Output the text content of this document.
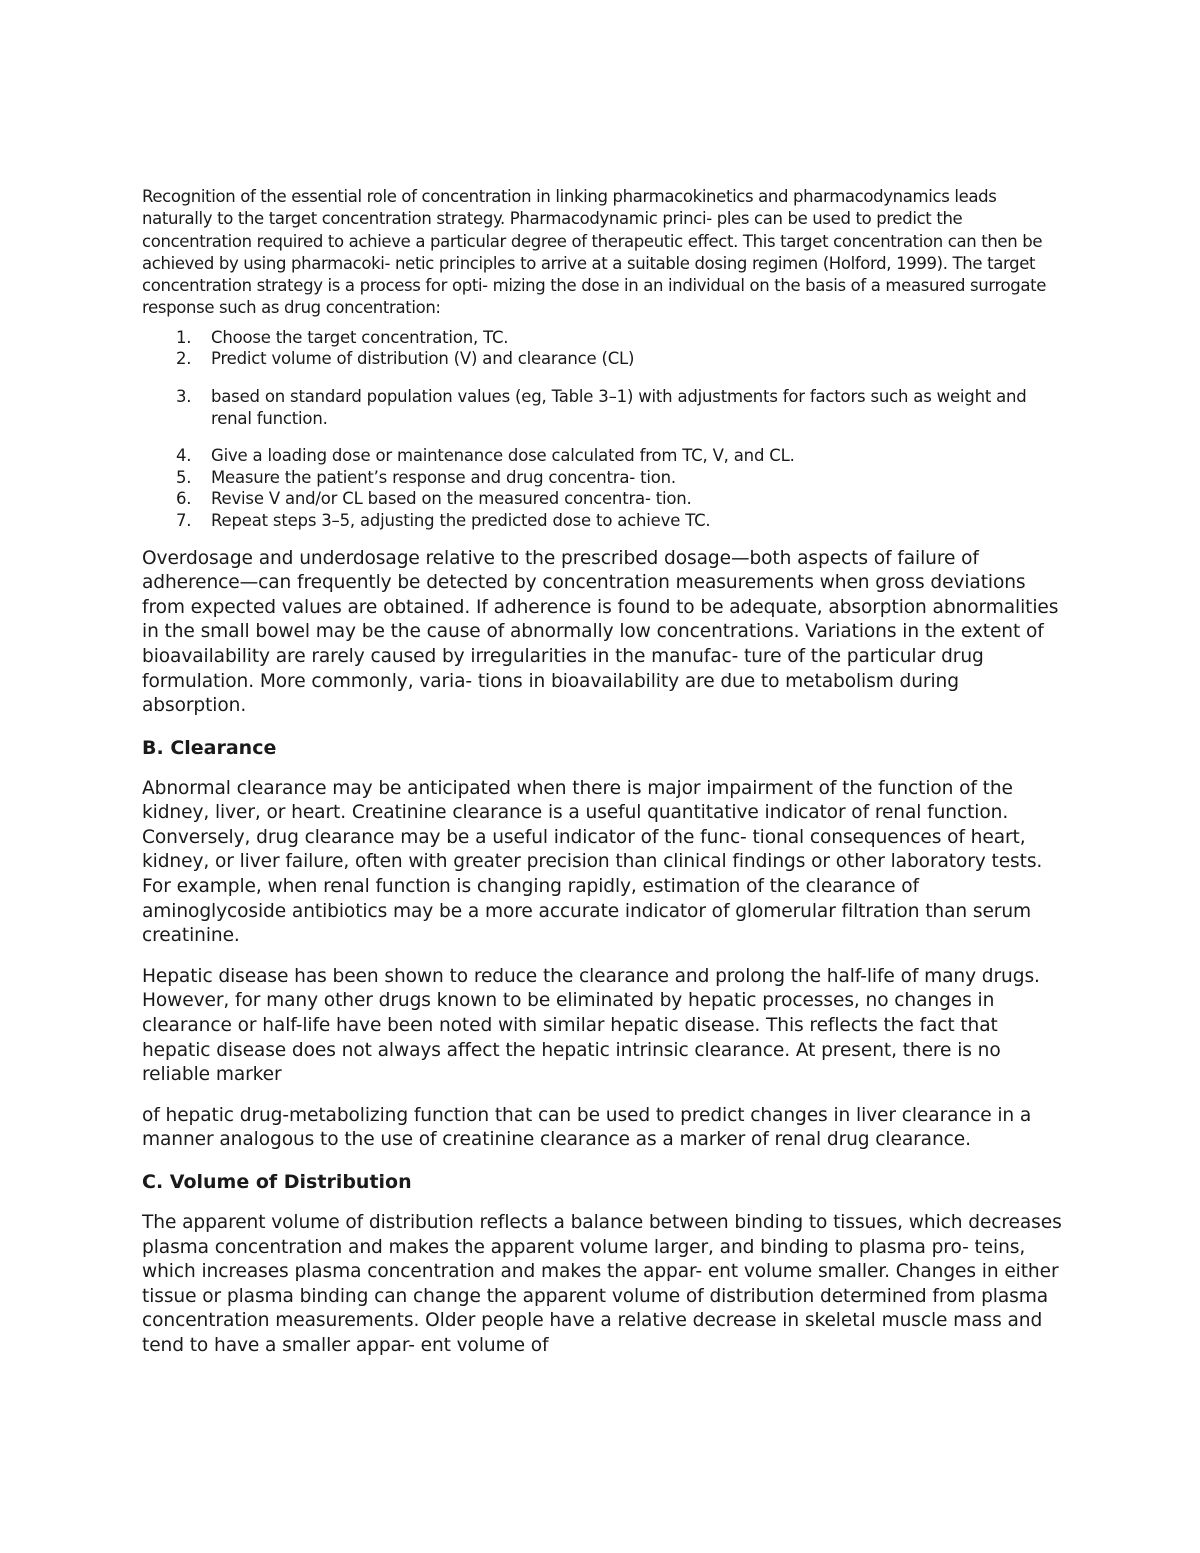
Recognition of the essential role of concentration in linking pharmacokinetics and pharmacodynamics leads naturally to the target concentration strategy. Pharmacodynamic princi- ples can be used to predict the concentration required to achieve a particular degree of therapeutic effect. This target concentration can then be achieved by using pharmacoki- netic principles to arrive at a suitable dosing regimen (Holford, 1999). The target concentration strategy is a process for opti- mizing the dose in an individual on the basis of a measured surrogate response such as drug concentration:

1. Choose the target concentration, TC.
2. Predict volume of distribution (V) and clearance (CL)
3. based on standard population values (eg, Table 3–1) with adjustments for factors such as weight and renal function.
4. Give a loading dose or maintenance dose calculated from TC, V, and CL.
5. Measure the patient’s response and drug concentra- tion.
6. Revise V and/or CL based on the measured concentra- tion.
7. Repeat steps 3–5, adjusting the predicted dose to achieve TC.

Overdosage and underdosage relative to the prescribed dosage—both aspects of failure of adherence—can frequently be detected by concentration measurements when gross deviations from expected values are obtained. If adherence is found to be adequate, absorption abnormalities in the small bowel may be the cause of abnormally low concentrations. Variations in the extent of bioavailability are rarely caused by irregularities in the manufac- ture of the particular drug formulation. More commonly, varia- tions in bioavailability are due to metabolism during absorption.

B. Clearance

Abnormal clearance may be anticipated when there is major impairment of the function of the kidney, liver, or heart. Creatinine clearance is a useful quantitative indicator of renal function. Conversely, drug clearance may be a useful indicator of the func- tional consequences of heart, kidney, or liver failure, often with greater precision than clinical findings or other laboratory tests. For example, when renal function is changing rapidly, estimation of the clearance of aminoglycoside antibiotics may be a more accurate indicator of glomerular filtration than serum creatinine.

Hepatic disease has been shown to reduce the clearance and prolong the half-life of many drugs. However, for many other drugs known to be eliminated by hepatic processes, no changes in clearance or half-life have been noted with similar hepatic disease. This reflects the fact that hepatic disease does not always affect the hepatic intrinsic clearance. At present, there is no reliable marker

of hepatic drug-metabolizing function that can be used to predict changes in liver clearance in a manner analogous to the use of creatinine clearance as a marker of renal drug clearance.

C. Volume of Distribution

The apparent volume of distribution reflects a balance between binding to tissues, which decreases plasma concentration and makes the apparent volume larger, and binding to plasma pro- teins, which increases plasma concentration and makes the appar- ent volume smaller. Changes in either tissue or plasma binding can change the apparent volume of distribution determined from plasma concentration measurements. Older people have a relative decrease in skeletal muscle mass and tend to have a smaller appar- ent volume of
